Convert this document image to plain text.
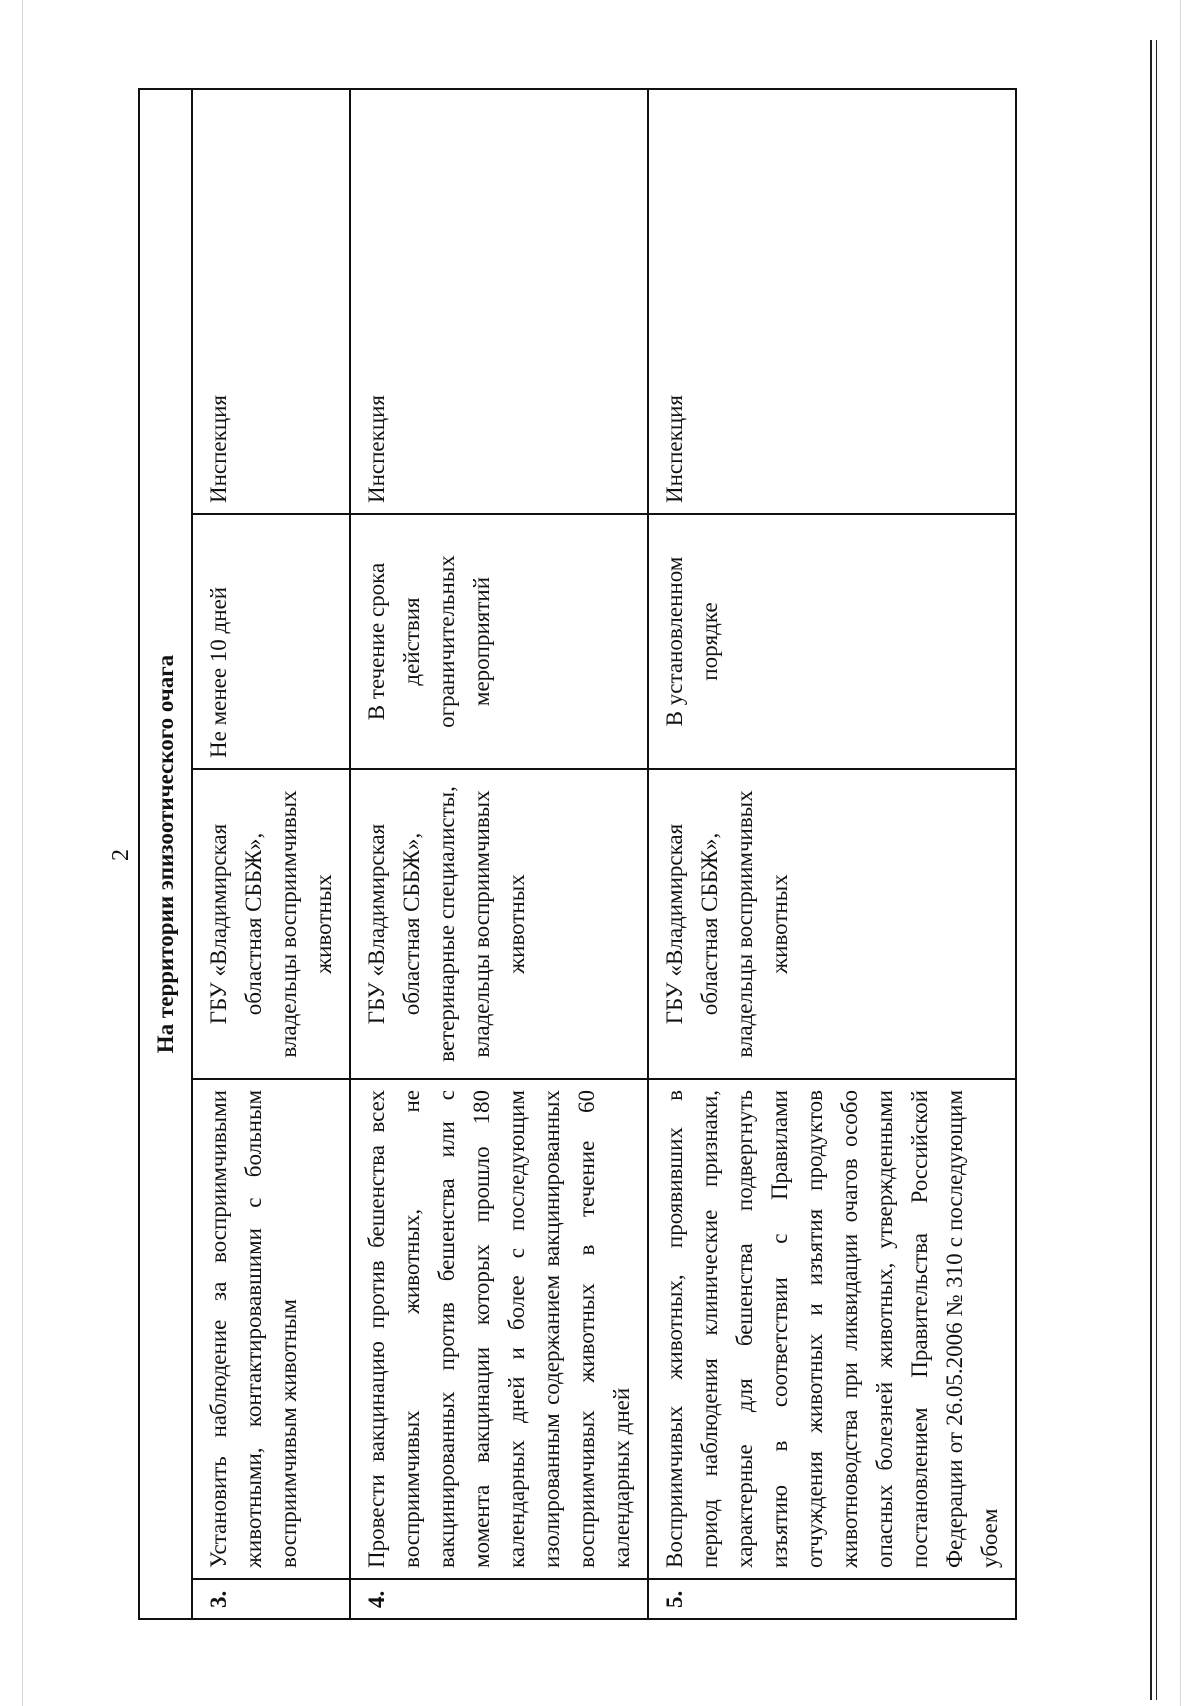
2 На территории эпизоотического очага				
3.	Установить наблюдение за восприимчивыми животными, контактировавшими с больным восприимчивым животным	ГБУ «Владимирская областная СББЖ», владельцы восприимчивых животных	Не менее 10 дней	Инспекция
4.	Провести вакцинацию против бешенства всех восприимчивых животных, не вакцинированных против бешенства или с момента вакцинации которых прошло 180 календарных дней и более с последующим изолированным содержанием вакцинированных восприимчивых животных в течение 60 календарных дней	ГБУ «Владимирская областная СББЖ», ветеринарные специалисты, владельцы восприимчивых животных	В течение срока действия ограничительных мероприятий	Инспекция
5.	Восприимчивых животных, проявивших в период наблюдения клинические признаки, характерные для бешенства подвергнуть изъятию в соответствии с Правилами отчуждения животных и изъятия продуктов животноводства при ликвидации очагов особо опасных болезней животных, утвержденными постановлением Правительства Российской Федерации от 26.05.2006 № 310 с последующим убоем	ГБУ «Владимирская областная СББЖ», владельцы восприимчивых животных	В установленном порядке	Инспекция
